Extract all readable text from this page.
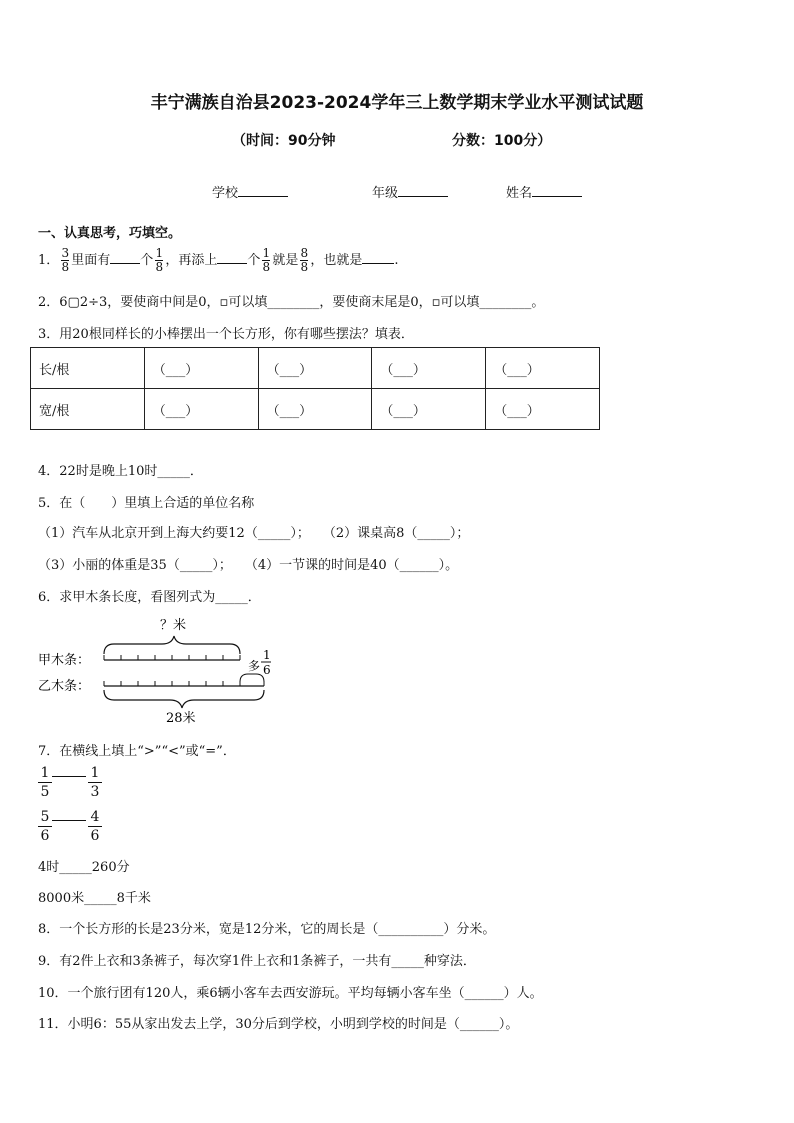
丰宁满族自治县2023-2024学年三上数学期末学业水平测试试题
（时间：90分钟	分数：100分）
学校	年级	姓名
一、认真思考，巧填空。
1． $\frac{3}{8}$ 里面有 个 $\frac{1}{8}$ ，再添上 个 $\frac{1}{8}$ 就是 $\frac{8}{8}$ ，也就是 .
2．6▢2÷3，要使商中间是0，▫可以填________，要使商末尾是0，▫可以填________。
3．用20根同样长的小棒摆出一个长方形，你有哪些摆法？填表．
长/根	（___）	（___）	（___）	（___）
宽/根	（___）	（___）	（___）	（___）
4．22时是晚上10时_____．
5．在（　　）里填上合适的单位名称
（1）汽车从北京开到上海大约要12（_____）；　　（2）课桌高8（_____）；
（3）小丽的体重是35（_____）；　　（4）一节课的时间是40（______）。
6．求甲木条长度，看图列式为_____．
？米
甲木条：
乙木条：
多
1
6
28米
7．在横线上填上“>”“<”或“=”．
$\frac{1}{5}$	$\frac{1}{3}$
$\frac{5}{6}$	$\frac{4}{6}$
4时_____260分
8000米_____8千米
8．一个长方形的长是23分米，宽是12分米，它的周长是（__________）分米。
9．有2件上衣和3条裤子，每次穿1件上衣和1条裤子，一共有_____种穿法．
10．一个旅行团有120人，乘6辆小客车去西安游玩。平均每辆小客车坐（______）人。
11．小明6：55从家出发去上学，30分后到学校，小明到学校的时间是（______）。
